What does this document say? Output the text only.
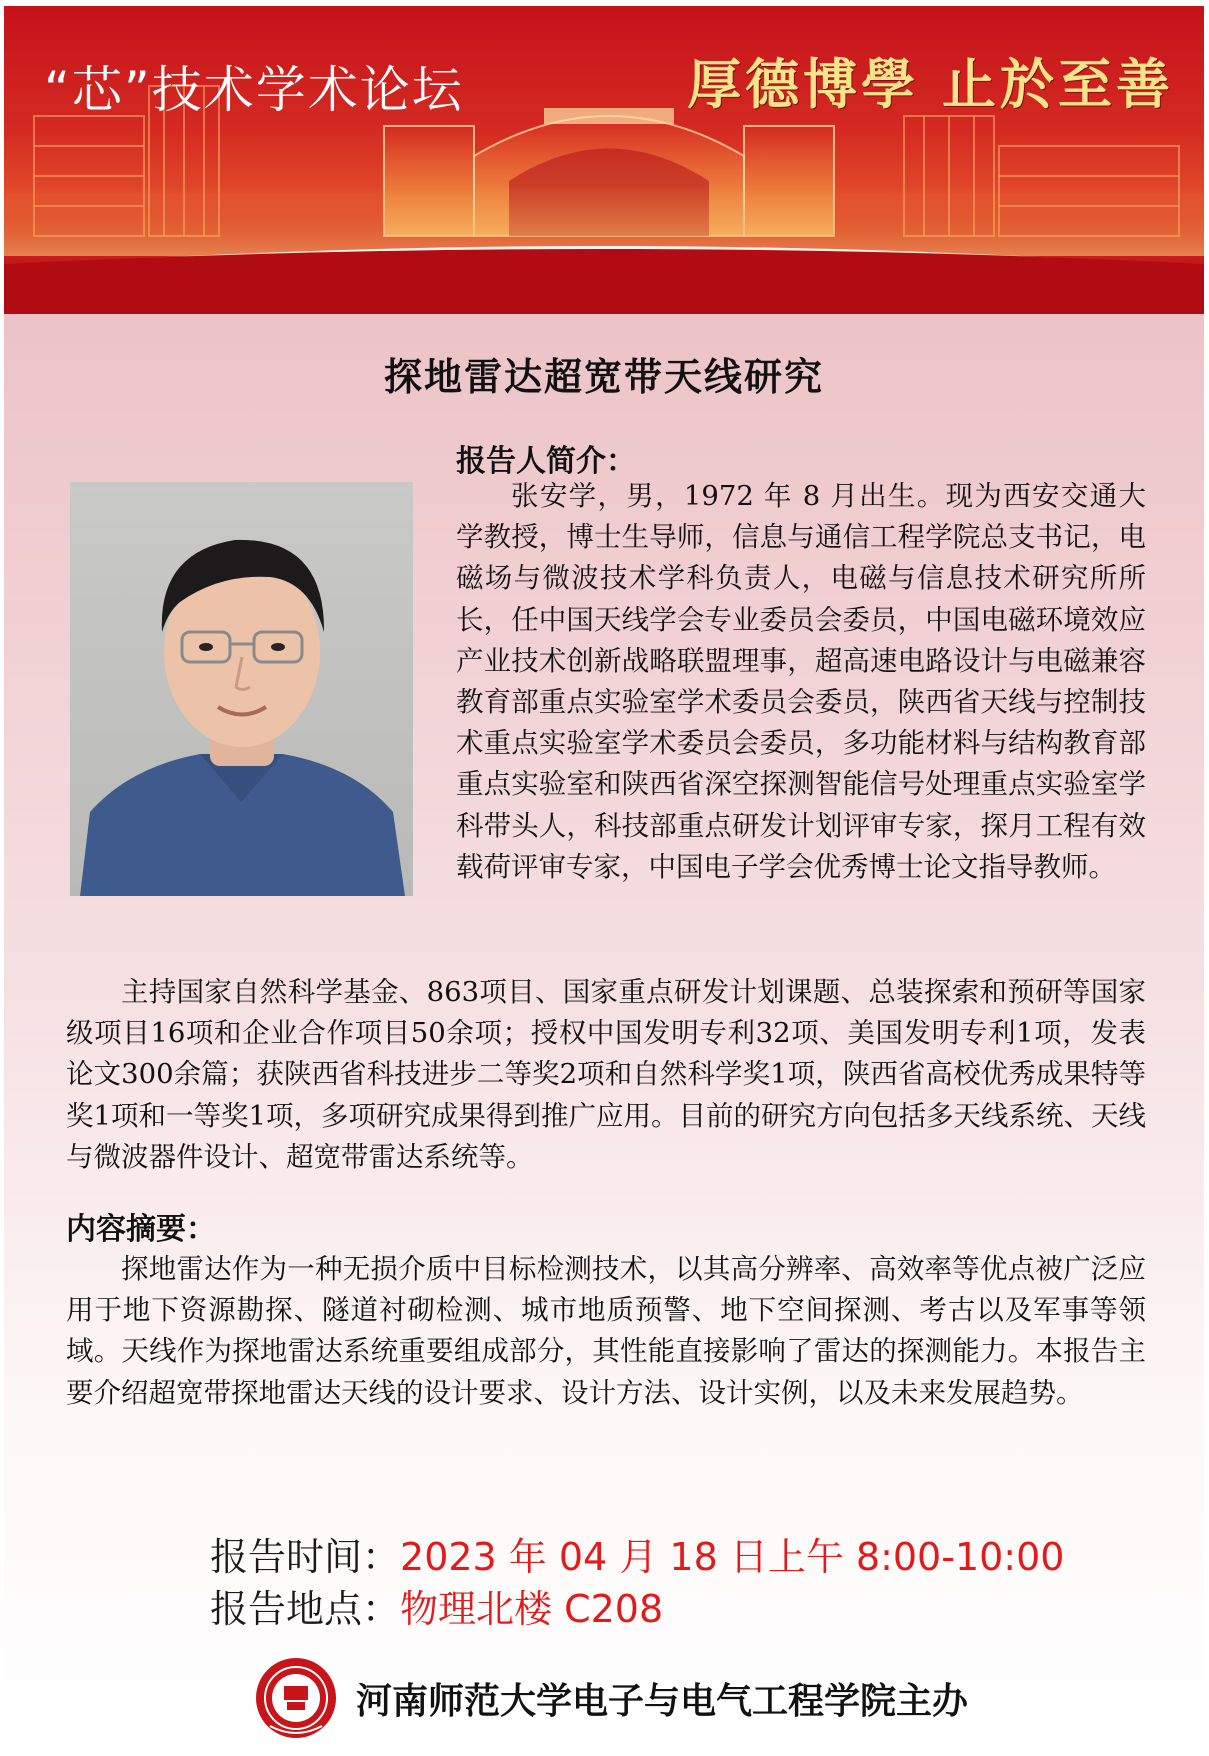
“芯”技术学术论坛	厚德博學 止於至善
探地雷达超宽带天线研究
报告人简介：

张安学，男，1972 年 8 月出生。现为西安交通大学教授，博士生导师，信息与通信工程学院总支书记，电磁场与微波技术学科负责人，电磁与信息技术研究所所长，任中国天线学会专业委员会委员，中国电磁环境效应产业技术创新战略联盟理事，超高速电路设计与电磁兼容教育部重点实验室学术委员会委员，陕西省天线与控制技术重点实验室学术委员会委员，多功能材料与结构教育部重点实验室和陕西省深空探测智能信号处理重点实验室学科带头人，科技部重点研发计划评审专家，探月工程有效载荷评审专家，中国电子学会优秀博士论文指导教师。

主持国家自然科学基金、863项目、国家重点研发计划课题、总装探索和预研等国家级项目16项和企业合作项目50余项；授权中国发明专利32项、美国发明专利1项，发表论文300余篇；获陕西省科技进步二等奖2项和自然科学奖1项，陕西省高校优秀成果特等奖1项和一等奖1项，多项研究成果得到推广应用。目前的研究方向包括多天线系统、天线与微波器件设计、超宽带雷达系统等。

内容摘要：

探地雷达作为一种无损介质中目标检测技术，以其高分辨率、高效率等优点被广泛应用于地下资源勘探、隧道衬砌检测、城市地质预警、地下空间探测、考古以及军事等领域。天线作为探地雷达系统重要组成部分，其性能直接影响了雷达的探测能力。本报告主要介绍超宽带探地雷达天线的设计要求、设计方法、设计实例，以及未来发展趋势。

报告时间：2023 年 04 月 18 日上午 8:00-10:00
报告地点：物理北楼 C208
河南师范大学电子与电气工程学院主办
